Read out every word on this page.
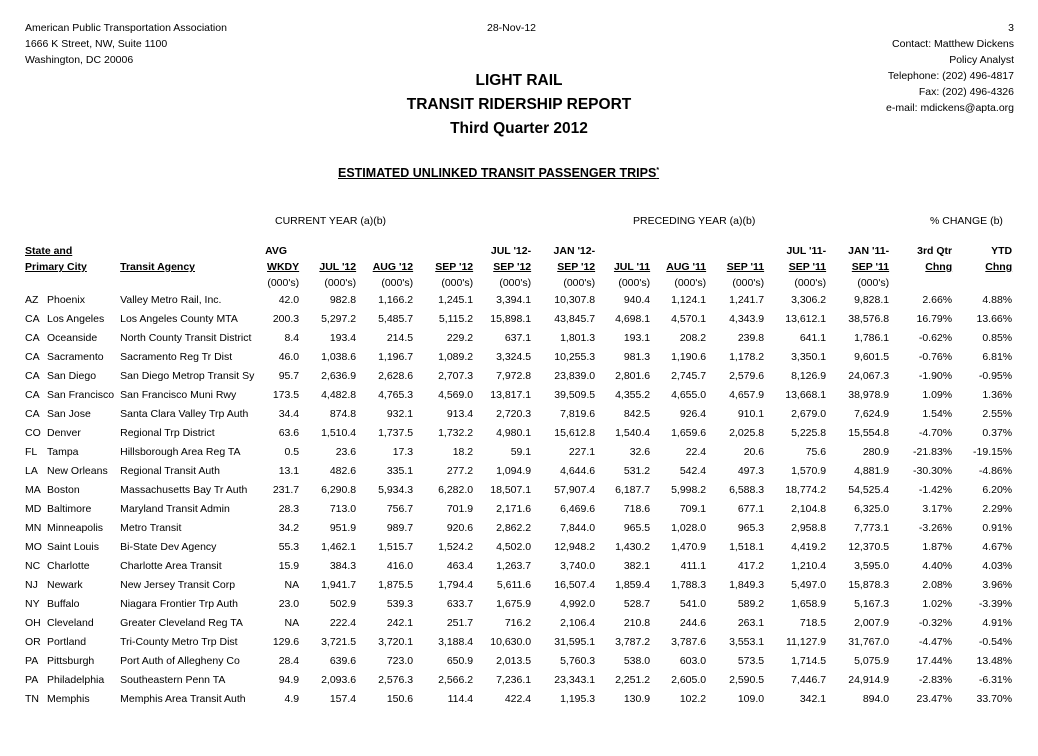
American Public Transportation Association
1666 K Street, NW, Suite 1100
Washington, DC 20006
28-Nov-12	3
Contact: Matthew Dickens
Policy Analyst
Telephone: (202) 496-4817
Fax: (202) 496-4326
e-mail: mdickens@apta.org
LIGHT RAIL
TRANSIT RIDERSHIP REPORT
Third Quarter 2012
ESTIMATED UNLINKED TRANSIT PASSENGER TRIPS*
CURRENT YEAR (a)(b)	PRECEDING YEAR (a)(b)	% CHANGE (b)
State and		AVG				JUL '12-	JAN '12-				JUL '11-	JAN '11-	3rd Qtr	YTD
Primary City	Transit Agency	WKDY	JUL '12	AUG '12	SEP '12	SEP '12	SEP '12	JUL '11	AUG '11	SEP '11	SEP '11	SEP '11	Chng	Chng
		(000's)	(000's)	(000's)	(000's)	(000's)	(000's)	(000's)	(000's)	(000's)	(000's)	(000's)		
AZ Phoenix	Valley Metro Rail, Inc.	42.0	982.8	1,166.2	1,245.1	3,394.1	10,307.8	940.4	1,124.1	1,241.7	3,306.2	9,828.1	2.66%	4.88%
CA Los Angeles	Los Angeles County MTA	200.3	5,297.2	5,485.7	5,115.2	15,898.1	43,845.7	4,698.1	4,570.1	4,343.9	13,612.1	38,576.8	16.79%	13.66%
CA Oceanside	North County Transit District	8.4	193.4	214.5	229.2	637.1	1,801.3	193.1	208.2	239.8	641.1	1,786.1	-0.62%	0.85%
CA Sacramento	Sacramento Reg Tr Dist	46.0	1,038.6	1,196.7	1,089.2	3,324.5	10,255.3	981.3	1,190.6	1,178.2	3,350.1	9,601.5	-0.76%	6.81%
CA San Diego	San Diego Metrop Transit Sy	95.7	2,636.9	2,628.6	2,707.3	7,972.8	23,839.0	2,801.6	2,745.7	2,579.6	8,126.9	24,067.3	-1.90%	-0.95%
CA San Francisco	San Francisco Muni Rwy	173.5	4,482.8	4,765.3	4,569.0	13,817.1	39,509.5	4,355.2	4,655.0	4,657.9	13,668.1	38,978.9	1.09%	1.36%
CA San Jose	Santa Clara Valley Trp Auth	34.4	874.8	932.1	913.4	2,720.3	7,819.6	842.5	926.4	910.1	2,679.0	7,624.9	1.54%	2.55%
CO Denver	Regional Trp District	63.6	1,510.4	1,737.5	1,732.2	4,980.1	15,612.8	1,540.4	1,659.6	2,025.8	5,225.8	15,554.8	-4.70%	0.37%
FL Tampa	Hillsborough Area Reg TA	0.5	23.6	17.3	18.2	59.1	227.1	32.6	22.4	20.6	75.6	280.9	-21.83%	-19.15%
LA New Orleans	Regional Transit Auth	13.1	482.6	335.1	277.2	1,094.9	4,644.6	531.2	542.4	497.3	1,570.9	4,881.9	-30.30%	-4.86%
MA Boston	Massachusetts Bay Tr Auth	231.7	6,290.8	5,934.3	6,282.0	18,507.1	57,907.4	6,187.7	5,998.2	6,588.3	18,774.2	54,525.4	-1.42%	6.20%
MD Baltimore	Maryland Transit Admin	28.3	713.0	756.7	701.9	2,171.6	6,469.6	718.6	709.1	677.1	2,104.8	6,325.0	3.17%	2.29%
MN Minneapolis	Metro Transit	34.2	951.9	989.7	920.6	2,862.2	7,844.0	965.5	1,028.0	965.3	2,958.8	7,773.1	-3.26%	0.91%
MO Saint Louis	Bi-State Dev Agency	55.3	1,462.1	1,515.7	1,524.2	4,502.0	12,948.2	1,430.2	1,470.9	1,518.1	4,419.2	12,370.5	1.87%	4.67%
NC Charlotte	Charlotte Area Transit	15.9	384.3	416.0	463.4	1,263.7	3,740.0	382.1	411.1	417.2	1,210.4	3,595.0	4.40%	4.03%
NJ Newark	New Jersey Transit Corp	NA	1,941.7	1,875.5	1,794.4	5,611.6	16,507.4	1,859.4	1,788.3	1,849.3	5,497.0	15,878.3	2.08%	3.96%
NY Buffalo	Niagara Frontier Trp Auth	23.0	502.9	539.3	633.7	1,675.9	4,992.0	528.7	541.0	589.2	1,658.9	5,167.3	1.02%	-3.39%
OH Cleveland	Greater Cleveland Reg TA	NA	222.4	242.1	251.7	716.2	2,106.4	210.8	244.6	263.1	718.5	2,007.9	-0.32%	4.91%
OR Portland	Tri-County Metro Trp Dist	129.6	3,721.5	3,720.1	3,188.4	10,630.0	31,595.1	3,787.2	3,787.6	3,553.1	11,127.9	31,767.0	-4.47%	-0.54%
PA Pittsburgh	Port Auth of Allegheny Co	28.4	639.6	723.0	650.9	2,013.5	5,760.3	538.0	603.0	573.5	1,714.5	5,075.9	17.44%	13.48%
PA Philadelphia	Southeastern Penn TA	94.9	2,093.6	2,576.3	2,566.2	7,236.1	23,343.1	2,251.2	2,605.0	2,590.5	7,446.7	24,914.9	-2.83%	-6.31%
TN Memphis	Memphis Area Transit Auth	4.9	157.4	150.6	114.4	422.4	1,195.3	130.9	102.2	109.0	342.1	894.0	23.47%	33.70%
